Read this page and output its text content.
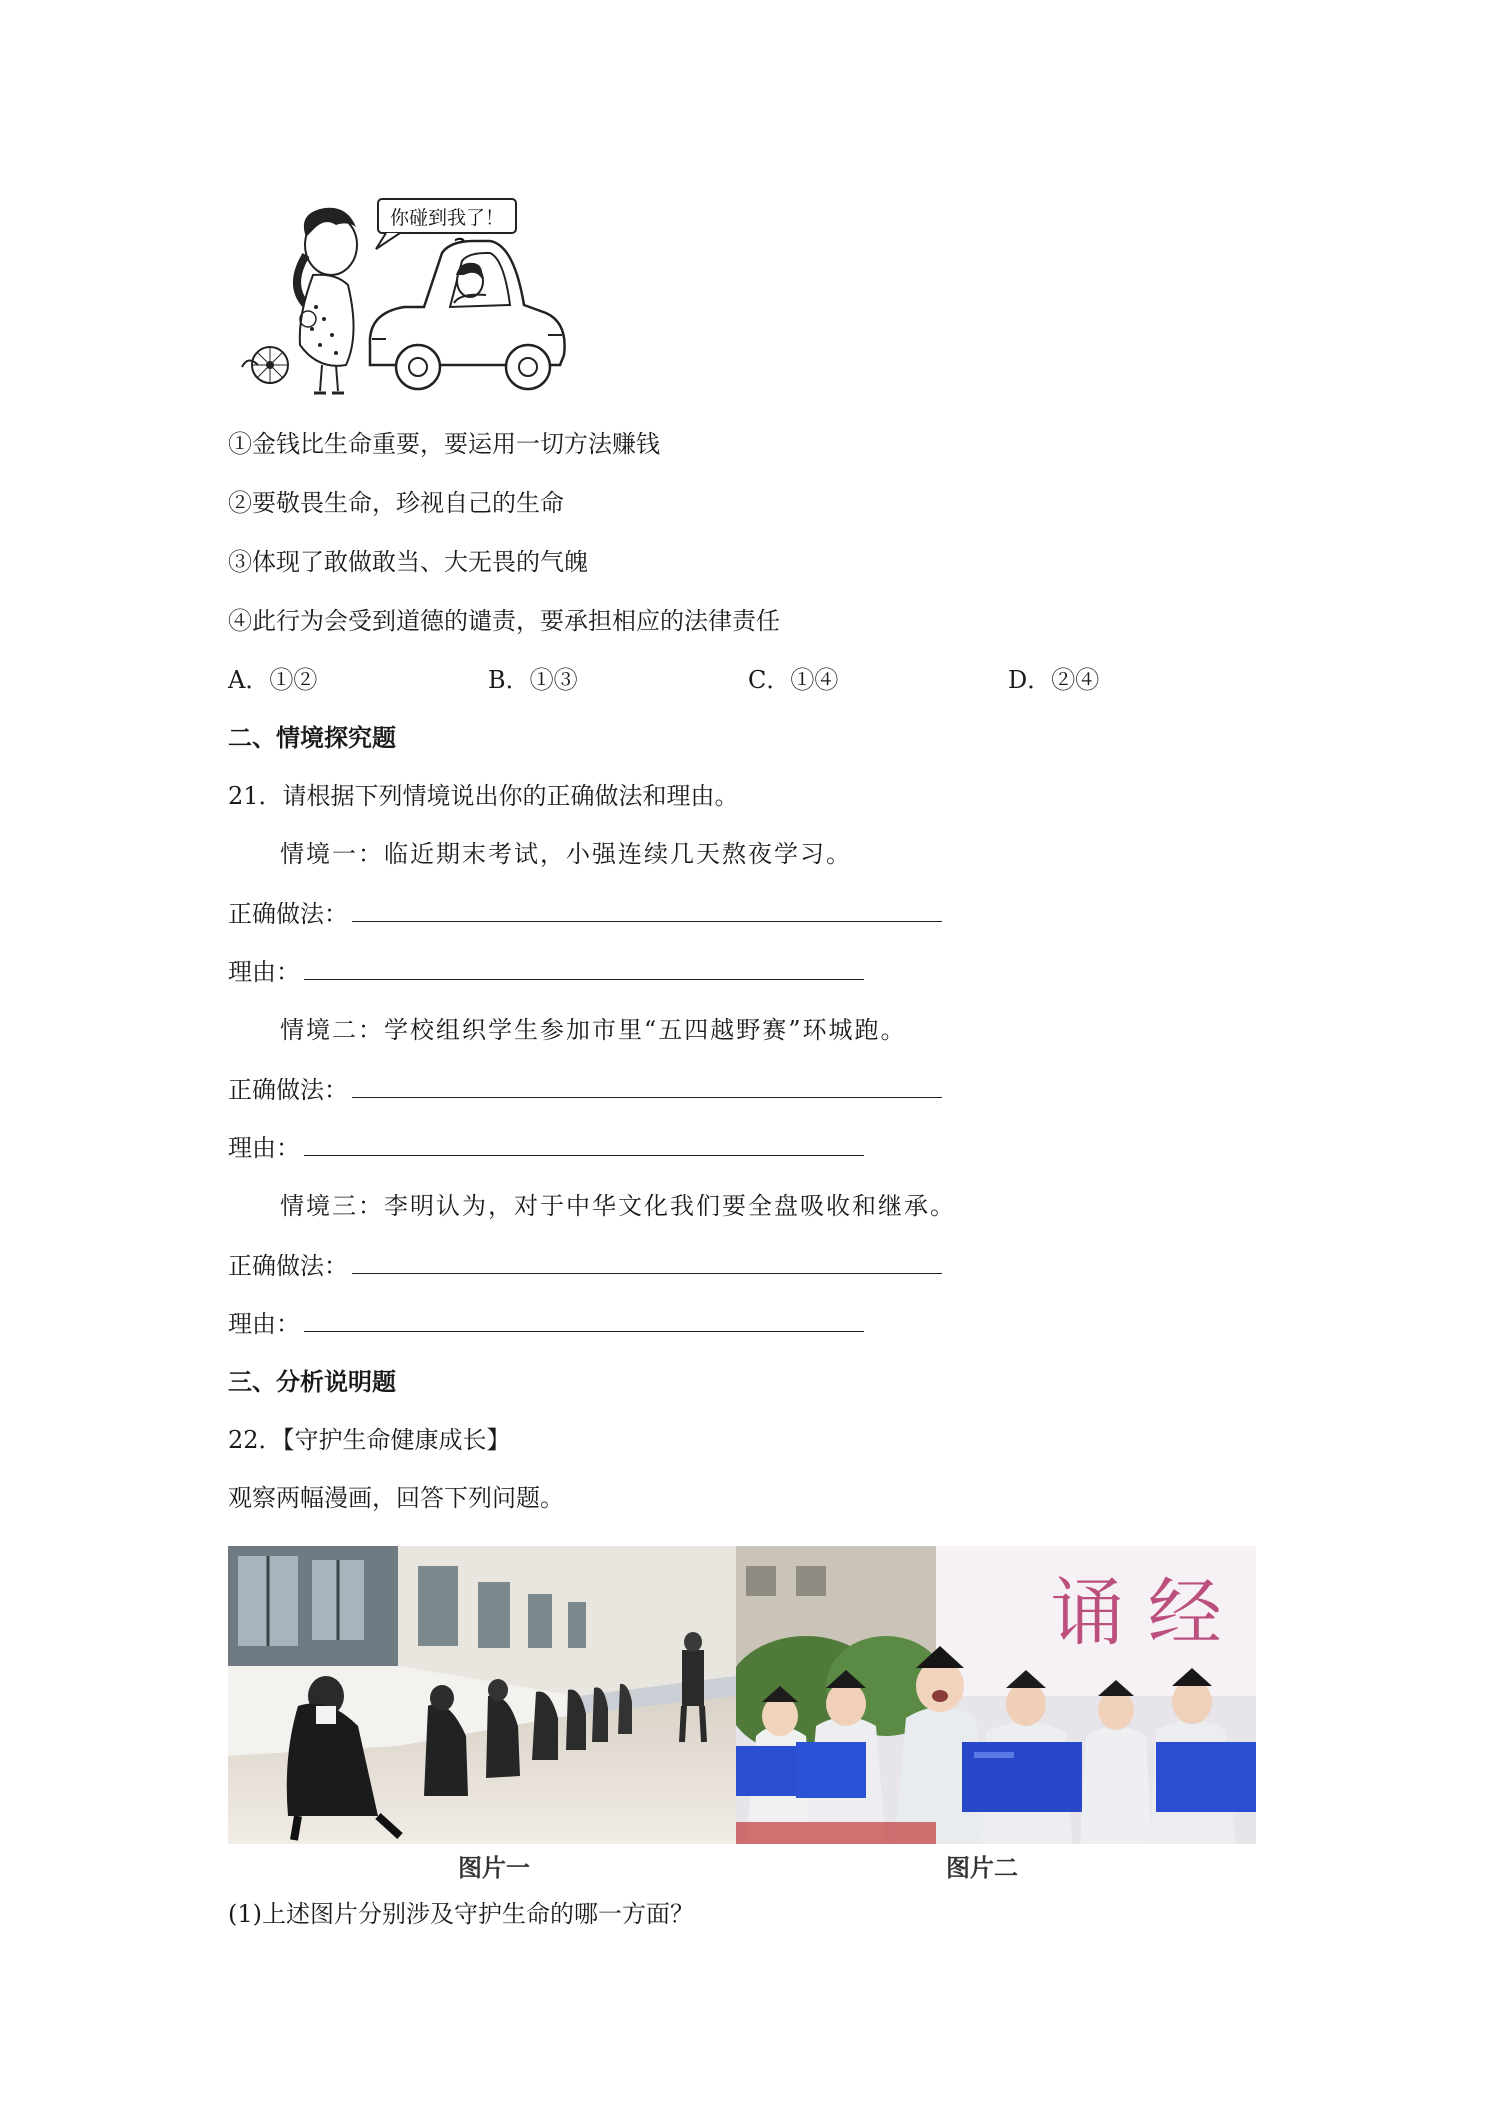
你碰到我了！
①金钱比生命重要，要运用一切方法赚钱
②要敬畏生命，珍视自己的生命
③体现了敢做敢当、大无畏的气魄
④此行为会受到道德的谴责，要承担相应的法律责任
A．①②	B．①③	C．①④	D．②④
二、情境探究题
21．请根据下列情境说出你的正确做法和理由。
情境一：临近期末考试，小强连续几天熬夜学习。
正确做法：
理由：
情境二：学校组织学生参加市里“五四越野赛”环城跑。
正确做法：
理由：
情境三：李明认为，对于中华文化我们要全盘吸收和继承。
正确做法：
理由：
三、分析说明题
22．【守护生命健康成长】
观察两幅漫画，回答下列问题。
诵 经
图片一	图片二
(1)上述图片分别涉及守护生命的哪一方面？
